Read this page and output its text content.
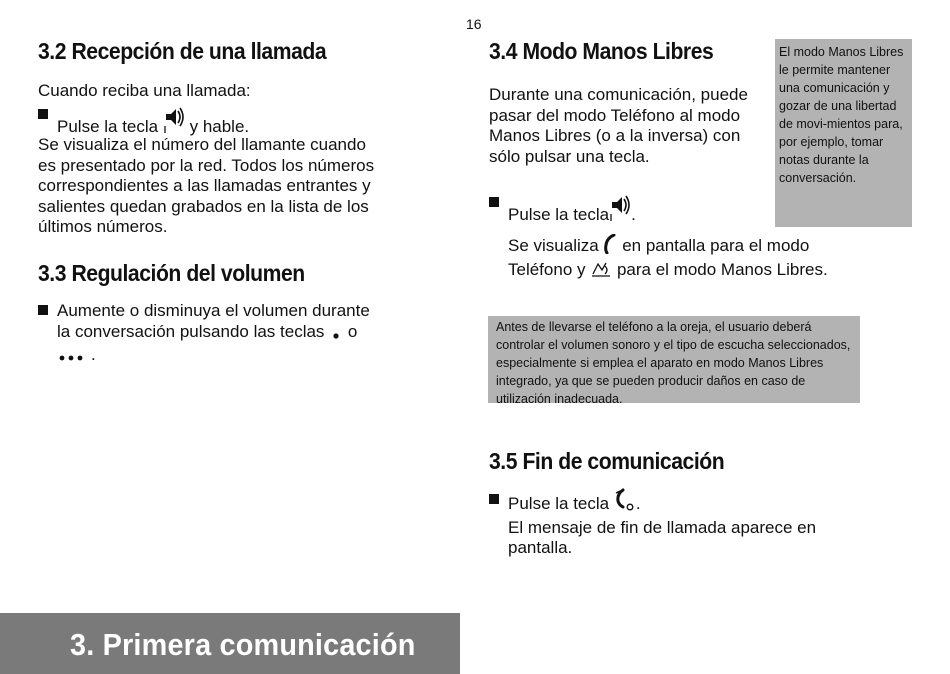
16
3.2 Recepción de una llamada
Cuando reciba una llamada:
Pulse la tecla y hable.
Se visualiza el número del llamante cuando es presentado por la red. Todos los números correspondientes a las llamadas entrantes y salientes quedan grabados en la lista de los últimos números.
3.3 Regulación del volumen
Aumente o disminuya el volumen durante la conversación pulsando las teclas o
.
3.4 Modo Manos Libres
Durante una comunicación, puede pasar del modo Teléfono al modo Manos Libres (o a la inversa) con sólo pulsar una tecla.
El modo Manos Libres le permite mantener una comunicación y gozar de una libertad de movi-mientos para, por ejemplo, tomar notas durante la conversación.
Pulse la tecla .
Se visualiza en pantalla para el modo Teléfono y para el modo Manos Libres.
Antes de llevarse el teléfono a la oreja, el usuario deberá controlar el volumen sonoro y el tipo de escucha seleccionados, especialmente si emplea el aparato en modo Manos Libres integrado, ya que se pueden producir daños en caso de utilización inadecuada.
3.5 Fin de comunicación
Pulse la tecla .
El mensaje de fin de llamada aparece en pantalla.
3. Primera comunicación
